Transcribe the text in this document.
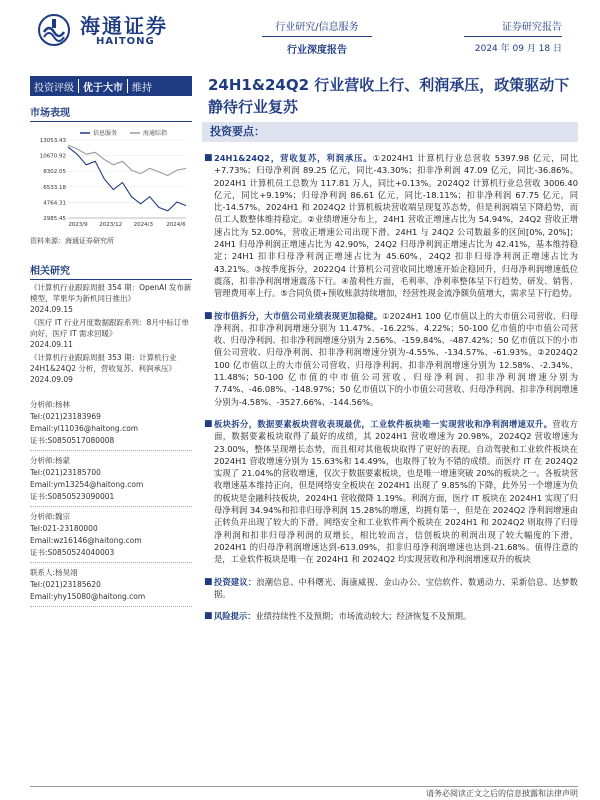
海通证券
HAITONG
行业研究/信息服务
行业深度报告
证券研究报告
2024 年 09 月 18 日
投资评级 优于大市 维持
市场表现
信息服务	海通综指
13053.43
10670.92
8302.05
6533.18
4764.31
2985.45
2023/9 2023/12 2024/3 2024/6
资料来源：海通证券研究所
相关研究
《计算机行业跟踪周报 354 期：OpenAI 发布新模型，苹果华为新机同日推出》
2024.09.15
《医疗 IT 行业月度数据跟踪系列：8月中标订单向好，医疗 IT 需求回暖》
2024.09.11
《计算机行业跟踪周报 353 期：计算机行业 24H1&24Q2 分析，营收复苏、利润承压》
2024.09.09
分析师:杨林
Tel:(021)23183969
Email:yl11036@haitong.com
证书:S0850517080008
分析师:杨蒙
Tel:(021)23185700
Email:ym13254@haitong.com
证书:S0850523090001
分析师:魏宗
Tel:021-23180000
Email:wz16146@haitong.com
证书:S0850524040003
联系人:杨昊翊
Tel:(021)23185620
Email:yhy15080@haitong.com
24H1&24Q2 行业营收上行、利润承压，政策驱动下静待行业复苏
投资要点：
■ 24H1&24Q2，营收复苏，利润承压。①2024H1 计算机行业总营收 5397.98 亿元，同比+7.73%；归母净利润 89.25 亿元，同比-43.30%；扣非净利润 47.09 亿元，同比-36.86%。2024H1 计算机员工总数为 117.81 万人，同比+0.13%。2024Q2 计算机行业总营收 3006.40 亿元，同比+9.19%；归母净利润 86.61 亿元，同比-18.11%；扣非净利润 67.75 亿元，同比-14.57%。2024H1 和 2024Q2 计算机板块营收端呈现复苏态势，但是利润端呈下降趋势，而员工人数整体维持稳定。②业绩增速分布上，24H1 营收正增速占比为 54.94%，24Q2 营收正增速占比为 52.00%，营收正增速公司出现下滑。24H1 与 24Q2 公司数最多的区间[0%, 20%]；24H1 归母净利润正增速占比为 42.90%，24Q2 归母净利润正增速占比为 42.41%，基本维持稳定；24H1 扣非归母净利润正增速占比为 45.60%，24Q2 扣非归母净利润正增速占比为 43.21%。③按季度拆分，2022Q4 计算机公司营收同比增速开始企稳回升，归母净利润增速低位震荡，扣非净利润增速震荡下行。④盈利性方面，毛利率、净利率整体呈下行趋势，研发、销售、管理费用率上行。⑤合同负债+预收账款持续增加，经营性现金流净额负值增大，需求呈下行趋势。
■ 按市值拆分，大市值公司业绩表现更加稳健。①2024H1 100 亿市值以上的大市值公司营收、归母净利润、扣非净利润增速分别为 11.47%、-16.22%、4.22%；50-100 亿市值的中市值公司营收、归母净利润、扣非净利润增速分别为 2.56%、-159.84%、-487.42%；50 亿市值以下的小市值公司营收、归母净利润、扣非净利润增速分别为-4.55%、-134.57%、-61.93%。②2024Q2 100 亿市值以上的大市值公司营收、归母净利润、扣非净利润增速分别为 12.58%、-2.34%、11.48%；50-100 亿市值的中市值公司营收、归母净利润、扣非净利润增速分别为 7.74%、-46.08%、-148.97%；50 亿市值以下的小市值公司营收、归母净利润、扣非净利润增速分别为-4.58%、-3527.66%、-144.56%。
■ 板块拆分，数据要素板块营收表现最优，工业软件板块唯一实现营收和净利润增速双升。营收方面，数据要素板块取得了最好的成绩，其 2024H1 营收增速为 20.98%，2024Q2 营收增速为 23.00%，整体呈现增长态势，而且相对其他板块取得了更好的表现。自动驾驶和工业软件板块在 2024H1 营收增速分别为 15.63%和 14.49%，也取得了较为不错的成绩。而医疗 IT 在 2024Q2 实现了 21.04%的营收增速，仅次于数据要素板块，也是唯一增速突破 20%的板块之一。各板块营收增速基本维持正向，但是网络安全板块在 2024H1 出现了 9.85%的下降，此外另一个增速为负的板块是金融科技板块，2024H1 营收微降 1.19%。利润方面，医疗 IT 板块在 2024H1 实现了归母净利润 34.94%和扣非归母净利润 15.28%的增速，均拥有第一，但是在 2024Q2 净利润增速由正转负并出现了较大的下滑。网络安全和工业软件两个板块在 2024H1 和 2024Q2 则取得了归母净利润和扣非归母净利润的双增长，相比较而言，信创板块的利润出现了较大幅度的下滑，2024H1 的归母净利润增速达到-613.09%，扣非归母净利润增速也达到-21.68%。值得注意的是，工业软件板块是唯一在 2024H1 和 2024Q2 均实现营收和净利润增速双升的板块
■ 投资建议：浪潮信息、中科曙光、海康威视、金山办公、宝信软件、数通动力、采新信息、达梦数据。
■ 风险提示：业绩持续性不及预期；市场流动较大；经济恢复不及预期。
请务必阅读正文之后的信息披露和法律声明
